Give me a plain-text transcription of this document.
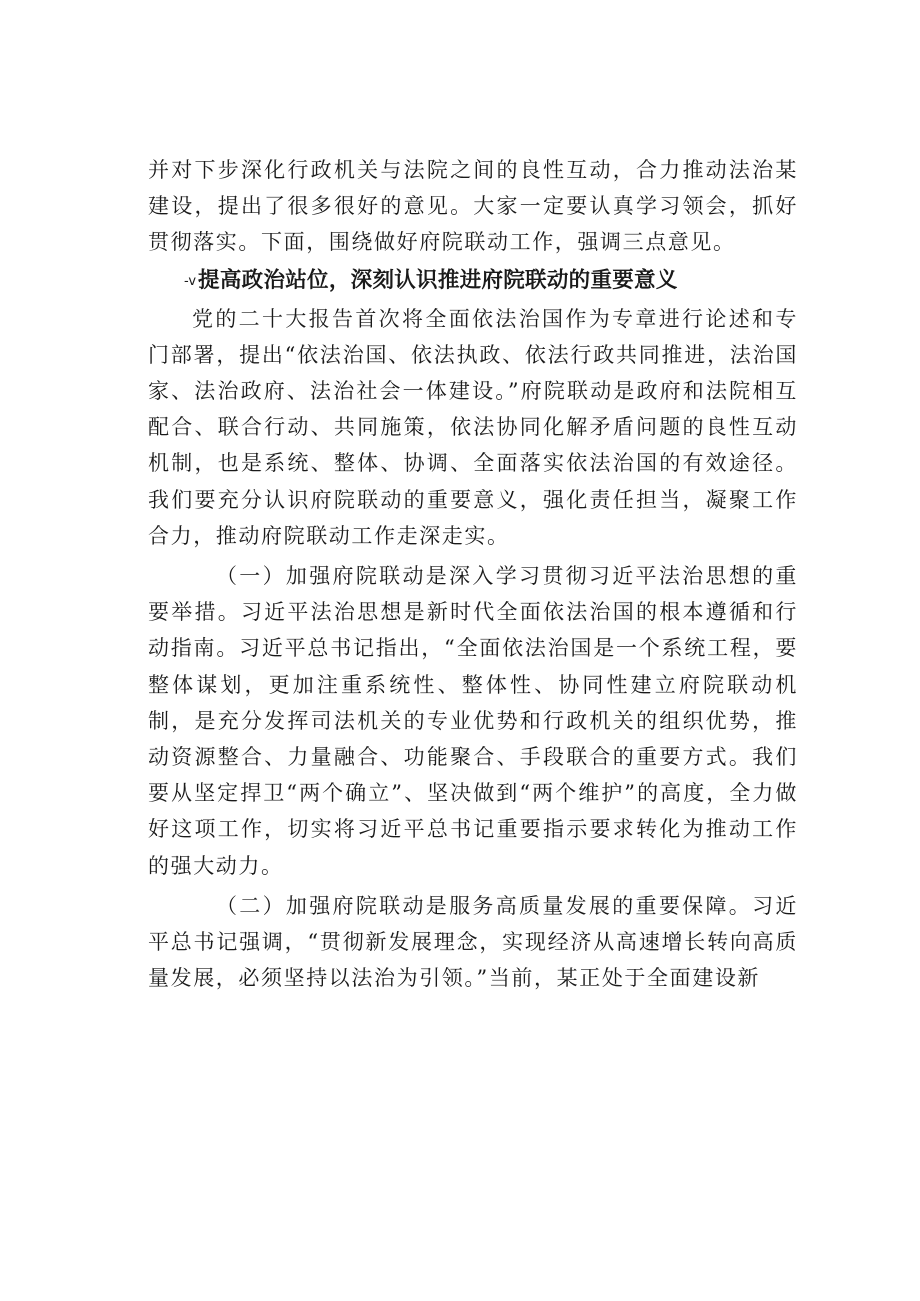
并对下步深化行政机关与法院之间的良性互动，合力推动法治某建设，提出了很多很好的意见。大家一定要认真学习领会，抓好贯彻落实。下面，围绕做好府院联动工作，强调三点意见。

-v提高政治站位，深刻认识推进府院联动的重要意义

党的二十大报告首次将全面依法治国作为专章进行论述和专门部署，提出“依法治国、依法执政、依法行政共同推进，法治国家、法治政府、法治社会一体建设。”府院联动是政府和法院相互配合、联合行动、共同施策，依法协同化解矛盾问题的良性互动机制，也是系统、整体、协调、全面落实依法治国的有效途径。我们要充分认识府院联动的重要意义，强化责任担当，凝聚工作合力，推动府院联动工作走深走实。

（一）加强府院联动是深入学习贯彻习近平法治思想的重要举措。习近平法治思想是新时代全面依法治国的根本遵循和行动指南。习近平总书记指出，“全面依法治国是一个系统工程，要整体谋划，更加注重系统性、整体性、协同性建立府院联动机制，是充分发挥司法机关的专业优势和行政机关的组织优势，推动资源整合、力量融合、功能聚合、手段联合的重要方式。我们要从坚定捍卫“两个确立”、坚决做到“两个维护”的高度，全力做好这项工作，切实将习近平总书记重要指示要求转化为推动工作的强大动力。

（二）加强府院联动是服务高质量发展的重要保障。习近平总书记强调，“贯彻新发展理念，实现经济从高速增长转向高质量发展，必须坚持以法治为引领。”当前，某正处于全面建设新
